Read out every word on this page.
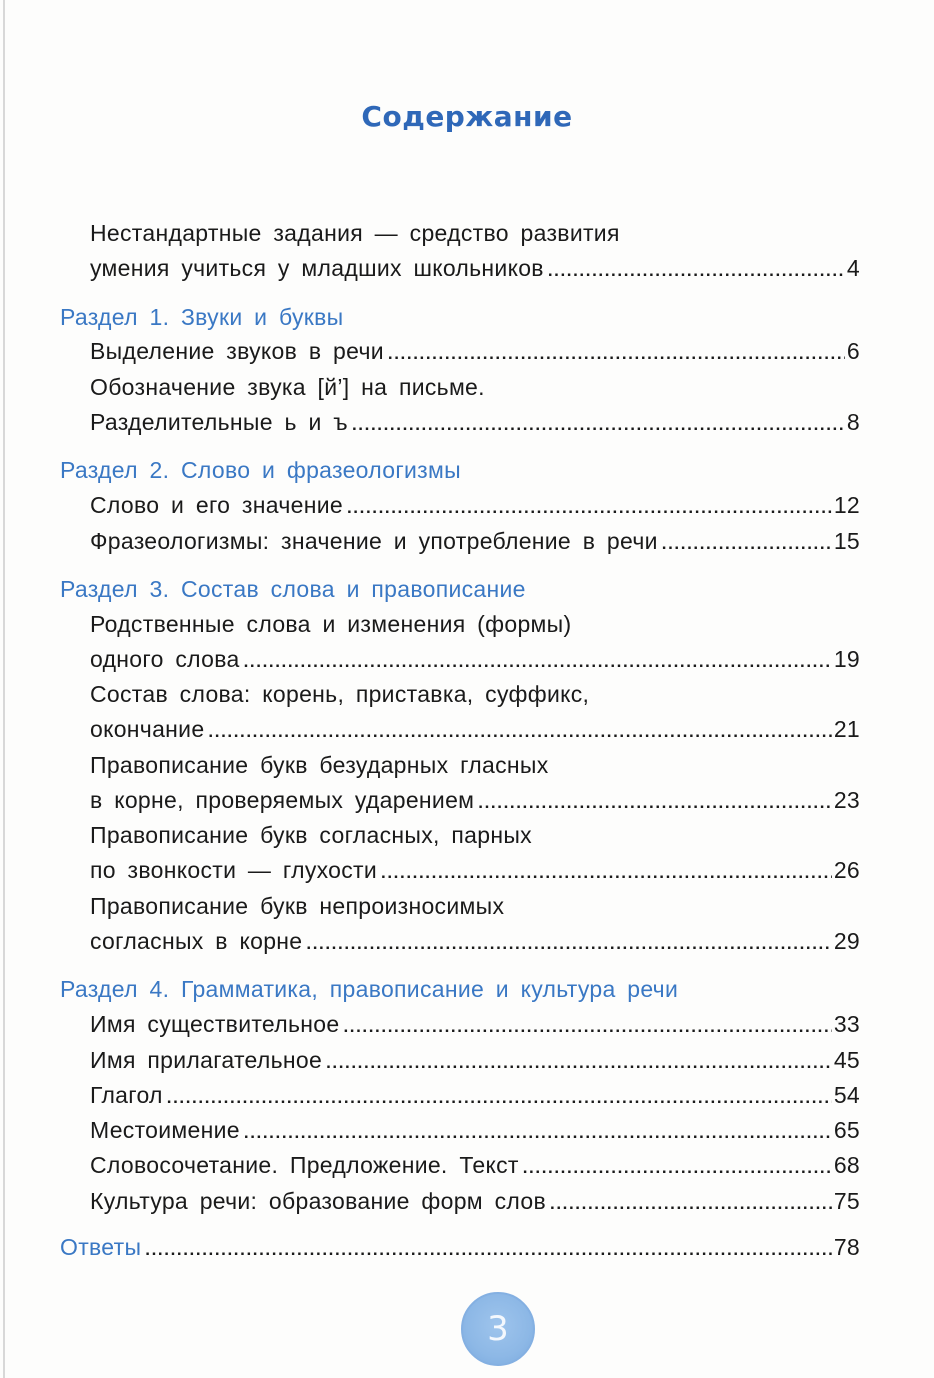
Содержание
Нестандартные задания — средство развития
умения учиться у младших школьников .....	4
Раздел 1. Звуки и буквы
Выделение звуков в речи .....	6
Обозначение звука [й’] на письме.
Разделительные ь и ъ .....	8
Раздел 2. Слово и фразеологизмы
Слово и его значение .....	12
Фразеологизмы: значение и употребление в речи .....	15
Раздел 3. Состав слова и правописание
Родственные слова и изменения (формы)
одного слова .....	19
Состав слова: корень, приставка, суффикс,
окончание .....	21
Правописание букв безударных гласных
в корне, проверяемых ударением .....	23
Правописание букв согласных, парных
по звонкости — глухости .....	26
Правописание букв непроизносимых
согласных в корне .....	29
Раздел 4. Грамматика, правописание и культура речи
Имя существительное .....	33
Имя прилагательное .....	45
Глагол .....	54
Местоимение .....	65
Словосочетание. Предложение. Текст .....	68
Культура речи: образование форм слов .....	75
Ответы .....	78
3
